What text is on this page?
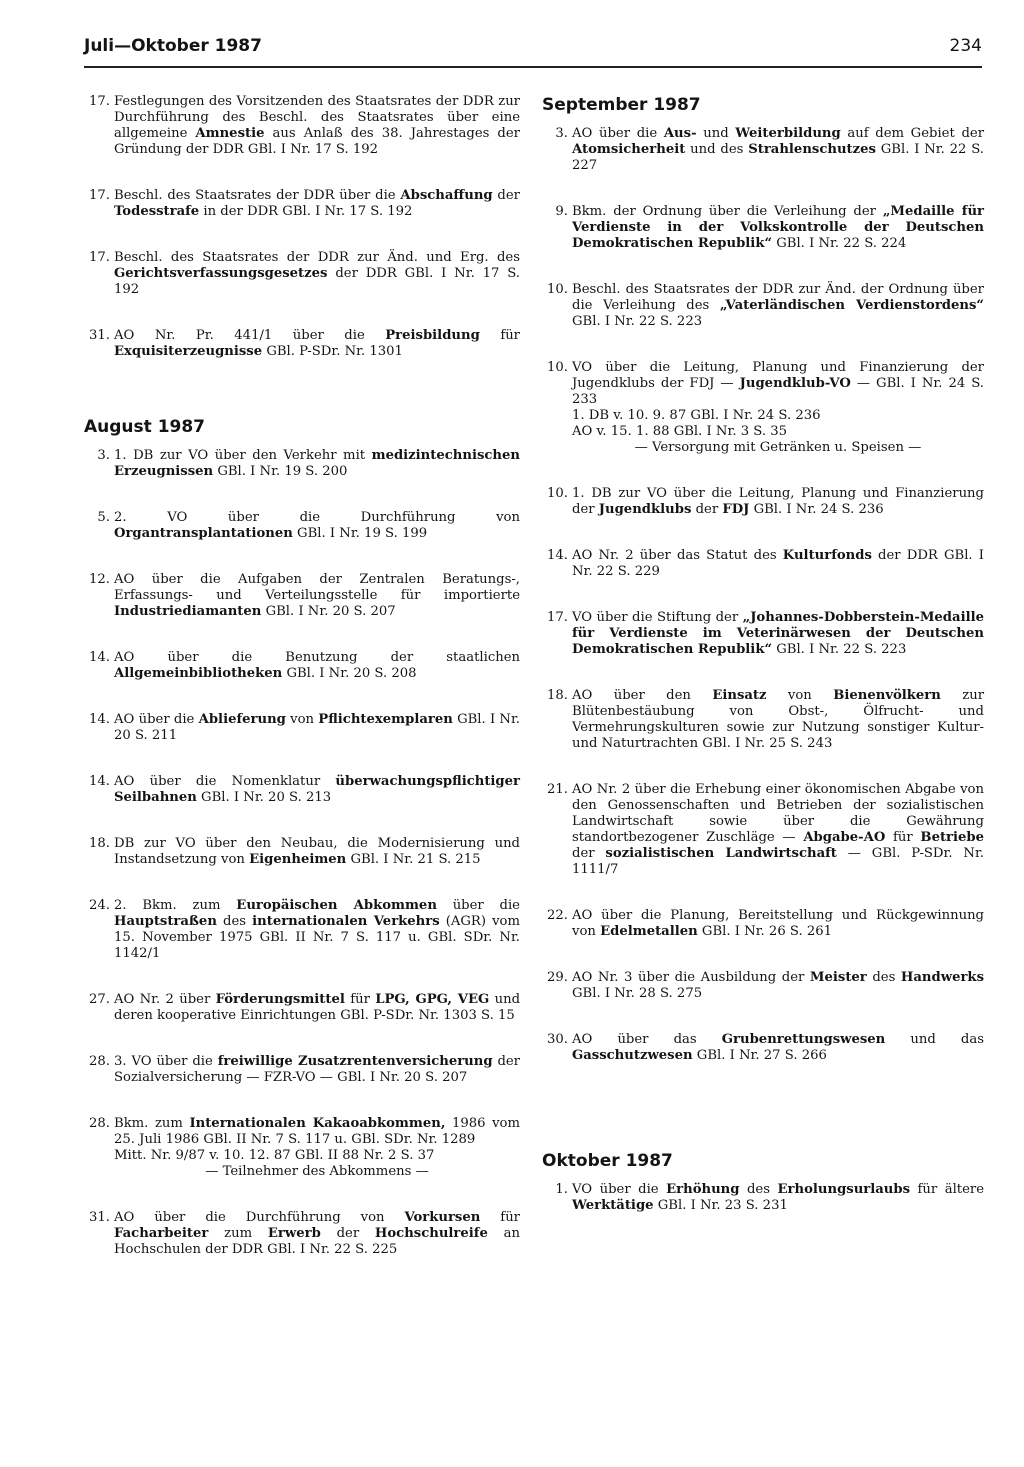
Juli—Oktober 1987	234
17. Festlegungen des Vorsitzenden des Staatsrates der DDR zur Durchführung des Beschl. des Staatsrates über eine allgemeine Amnestie aus Anlaß des 38. Jahrestages der Gründung der DDR GBl. I Nr. 17 S. 192
17. Beschl. des Staatsrates der DDR über die Abschaffung der Todesstrafe in der DDR GBl. I Nr. 17 S. 192
17. Beschl. des Staatsrates der DDR zur Änd. und Erg. des Gerichtsverfassungsgesetzes der DDR GBl. I Nr. 17 S. 192
31. AO Nr. Pr. 441/1 über die Preisbildung für Exquisiterzeugnisse GBl. P-SDr. Nr. 1301
August 1987
3. 1. DB zur VO über den Verkehr mit medizintechnischen Erzeugnissen GBl. I Nr. 19 S. 200
5. 2. VO über die Durchführung von Organtransplantationen GBl. I Nr. 19 S. 199
12. AO über die Aufgaben der Zentralen Beratungs-, Erfassungs- und Verteilungsstelle für importierte Industriediamanten GBl. I Nr. 20 S. 207
14. AO über die Benutzung der staatlichen Allgemeinbibliotheken GBl. I Nr. 20 S. 208
14. AO über die Ablieferung von Pflichtexemplaren GBl. I Nr. 20 S. 211
14. AO über die Nomenklatur überwachungspflichtiger Seilbahnen GBl. I Nr. 20 S. 213
18. DB zur VO über den Neubau, die Modernisierung und Instandsetzung von Eigenheimen GBl. I Nr. 21 S. 215
24. 2. Bkm. zum Europäischen Abkommen über die Hauptstraßen des internationalen Verkehrs (AGR) vom 15. November 1975 GBl. II Nr. 7 S. 117 u. GBl. SDr. Nr. 1142/1
27. AO Nr. 2 über Förderungsmittel für LPG, GPG, VEG und deren kooperative Einrichtungen GBl. P-SDr. Nr. 1303 S. 15
28. 3. VO über die freiwillige Zusatzrentenversicherung der Sozialversicherung — FZR-VO — GBl. I Nr. 20 S. 207
28. Bkm. zum Internationalen Kakaoabkommen, 1986 vom 25. Juli 1986 GBl. II Nr. 7 S. 117 u. GBl. SDr. Nr. 1289
Mitt. Nr. 9/87 v. 10. 12. 87 GBl. II 88 Nr. 2 S. 37
— Teilnehmer des Abkommens —
31. AO über die Durchführung von Vorkursen für Facharbeiter zum Erwerb der Hochschulreife an Hochschulen der DDR GBl. I Nr. 22 S. 225
September 1987
3. AO über die Aus- und Weiterbildung auf dem Gebiet der Atomsicherheit und des Strahlenschutzes GBl. I Nr. 22 S. 227
9. Bkm. der Ordnung über die Verleihung der „Medaille für Verdienste in der Volkskontrolle der Deutschen Demokratischen Republik“ GBl. I Nr. 22 S. 224
10. Beschl. des Staatsrates der DDR zur Änd. der Ordnung über die Verleihung des „Vaterländischen Verdienstordens“ GBl. I Nr. 22 S. 223
10. VO über die Leitung, Planung und Finanzierung der Jugendklubs der FDJ — Jugendklub-VO — GBl. I Nr. 24 S. 233
1. DB v. 10. 9. 87 GBl. I Nr. 24 S. 236
AO v. 15. 1. 88 GBl. I Nr. 3 S. 35
— Versorgung mit Getränken u. Speisen —
10. 1. DB zur VO über die Leitung, Planung und Finanzierung der Jugendklubs der FDJ GBl. I Nr. 24 S. 236
14. AO Nr. 2 über das Statut des Kulturfonds der DDR GBl. I Nr. 22 S. 229
17. VO über die Stiftung der „Johannes-Dobberstein-Medaille für Verdienste im Veterinärwesen der Deutschen Demokratischen Republik“ GBl. I Nr. 22 S. 223
18. AO über den Einsatz von Bienenvölkern zur Blütenbestäubung von Obst-, Ölfrucht- und Vermehrungskulturen sowie zur Nutzung sonstiger Kultur- und Naturtrachten GBl. I Nr. 25 S. 243
21. AO Nr. 2 über die Erhebung einer ökonomischen Abgabe von den Genossenschaften und Betrieben der sozialistischen Landwirtschaft sowie über die Gewährung standortbezogener Zuschläge — Abgabe-AO für Betriebe der sozialistischen Landwirtschaft — GBl. P-SDr. Nr. 1111/7
22. AO über die Planung, Bereitstellung und Rückgewinnung von Edelmetallen GBl. I Nr. 26 S. 261
29. AO Nr. 3 über die Ausbildung der Meister des Handwerks GBl. I Nr. 28 S. 275
30. AO über das Grubenrettungswesen und das Gasschutzwesen GBl. I Nr. 27 S. 266
Oktober 1987
1. VO über die Erhöhung des Erholungsurlaubs für ältere Werktätige GBl. I Nr. 23 S. 231
